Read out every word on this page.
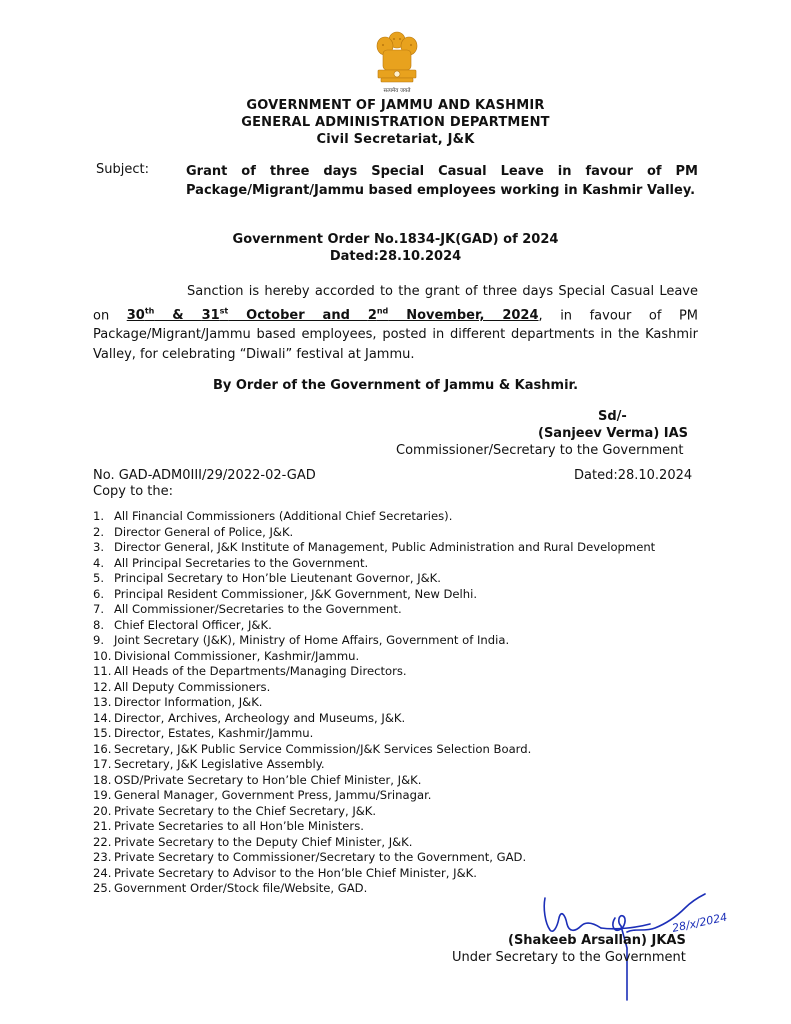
सत्यमेव जयते
GOVERNMENT OF JAMMU AND KASHMIR
GENERAL ADMINISTRATION DEPARTMENT
Civil Secretariat, J&K
Subject:	Grant of three days Special Casual Leave in favour of PM Package/Migrant/Jammu based employees working in Kashmir Valley.
Government Order No.1834-JK(GAD) of 2024
Dated:28.10.2024
Sanction is hereby accorded to the grant of three days Special Casual Leave on 30th & 31st October and 2nd November, 2024, in favour of PM Package/Migrant/Jammu based employees, posted in different departments in the Kashmir Valley, for celebrating “Diwali” festival at Jammu.
By Order of the Government of Jammu & Kashmir.
Sd/-
(Sanjeev Verma) IAS
Commissioner/Secretary to the Government
No. GAD-ADM0III/29/2022-02-GAD	Dated:28.10.2024
Copy to the:
1. All Financial Commissioners (Additional Chief Secretaries).
2. Director General of Police, J&K.
3. Director General, J&K Institute of Management, Public Administration and Rural Development
4. All Principal Secretaries to the Government.
5. Principal Secretary to Hon’ble Lieutenant Governor, J&K.
6. Principal Resident Commissioner, J&K Government, New Delhi.
7. All Commissioner/Secretaries to the Government.
8. Chief Electoral Officer, J&K.
9. Joint Secretary (J&K), Ministry of Home Affairs, Government of India.
10. Divisional Commissioner, Kashmir/Jammu.
11. All Heads of the Departments/Managing Directors.
12. All Deputy Commissioners.
13. Director Information, J&K.
14. Director, Archives, Archeology and Museums, J&K.
15. Director, Estates, Kashmir/Jammu.
16. Secretary, J&K Public Service Commission/J&K Services Selection Board.
17. Secretary, J&K Legislative Assembly.
18. OSD/Private Secretary to Hon’ble Chief Minister, J&K.
19. General Manager, Government Press, Jammu/Srinagar.
20. Private Secretary to the Chief Secretary, J&K.
21. Private Secretaries to all Hon’ble Ministers.
22. Private Secretary to the Deputy Chief Minister, J&K.
23. Private Secretary to Commissioner/Secretary to the Government, GAD.
24. Private Secretary to Advisor to the Hon’ble Chief Minister, J&K.
25. Government Order/Stock file/Website, GAD.
28/x/2024
(Shakeeb Arsallan) JKAS
Under Secretary to the Government
